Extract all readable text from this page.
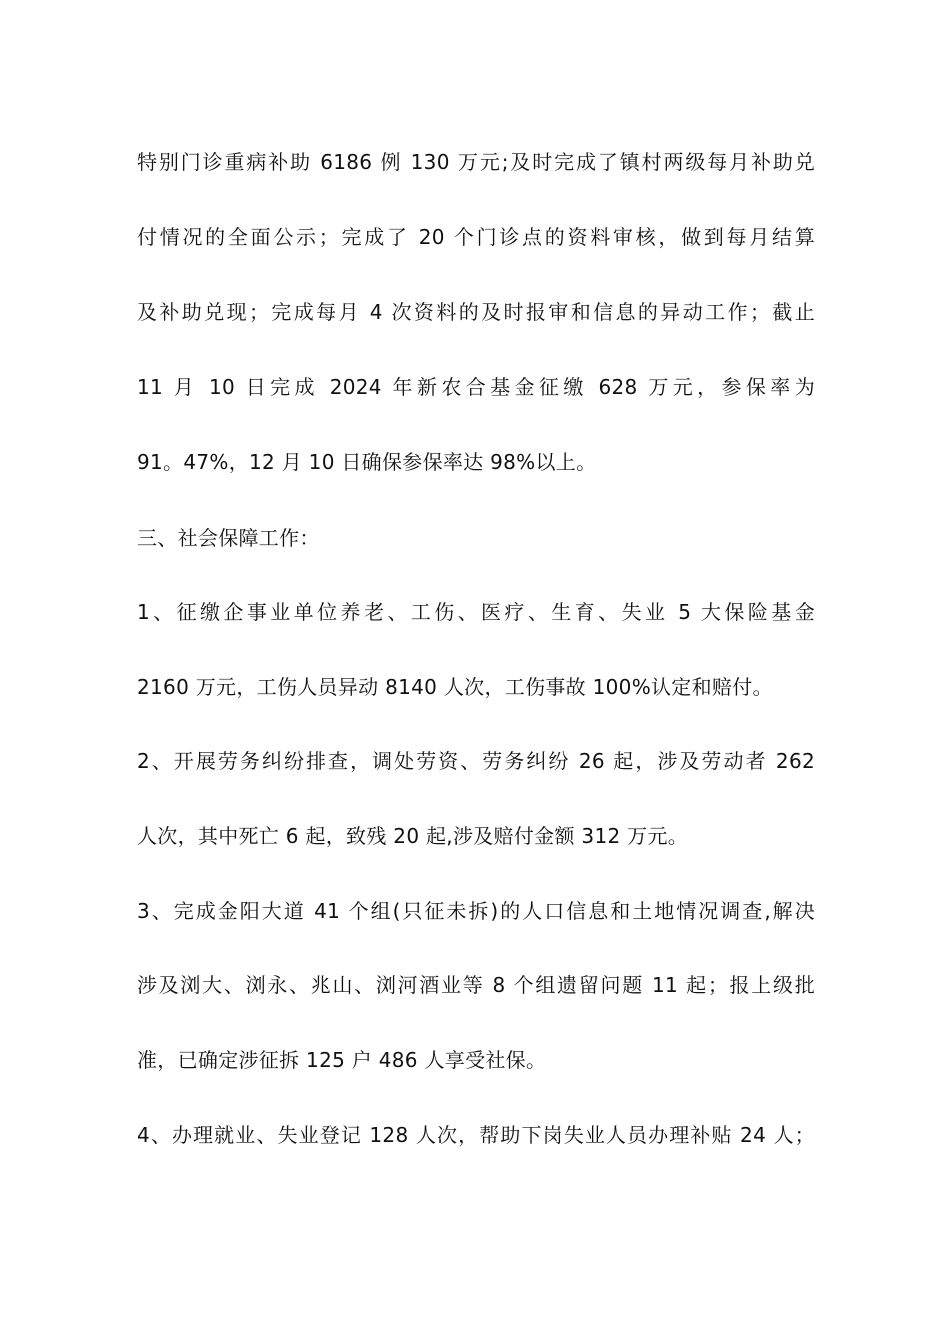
特别门诊重病补助 6186 例 130 万元;及时完成了镇村两级每月补助兑
付情况的全面公示；完成了 20 个门诊点的资料审核，做到每月结算
及补助兑现；完成每月 4 次资料的及时报审和信息的异动工作；截止
11 月 10 日完成 2024 年新农合基金征缴 628 万元，参保率为
91。47%，12 月 10 日确保参保率达 98%以上。
三、社会保障工作：
1、征缴企事业单位养老、工伤、医疗、生育、失业 5 大保险基金
2160 万元，工伤人员异动 8140 人次，工伤事故 100%认定和赔付。
2、开展劳务纠纷排查，调处劳资、劳务纠纷 26 起，涉及劳动者 262
人次，其中死亡 6 起，致残 20 起,涉及赔付金额 312 万元。
3、完成金阳大道 41 个组(只征未拆)的人口信息和土地情况调查,解决
涉及浏大、浏永、兆山、浏河酒业等 8 个组遗留问题 11 起；报上级批
准，已确定涉征拆 125 户 486 人享受社保。
4、办理就业、失业登记 128 人次，帮助下岗失业人员办理补贴 24 人；
